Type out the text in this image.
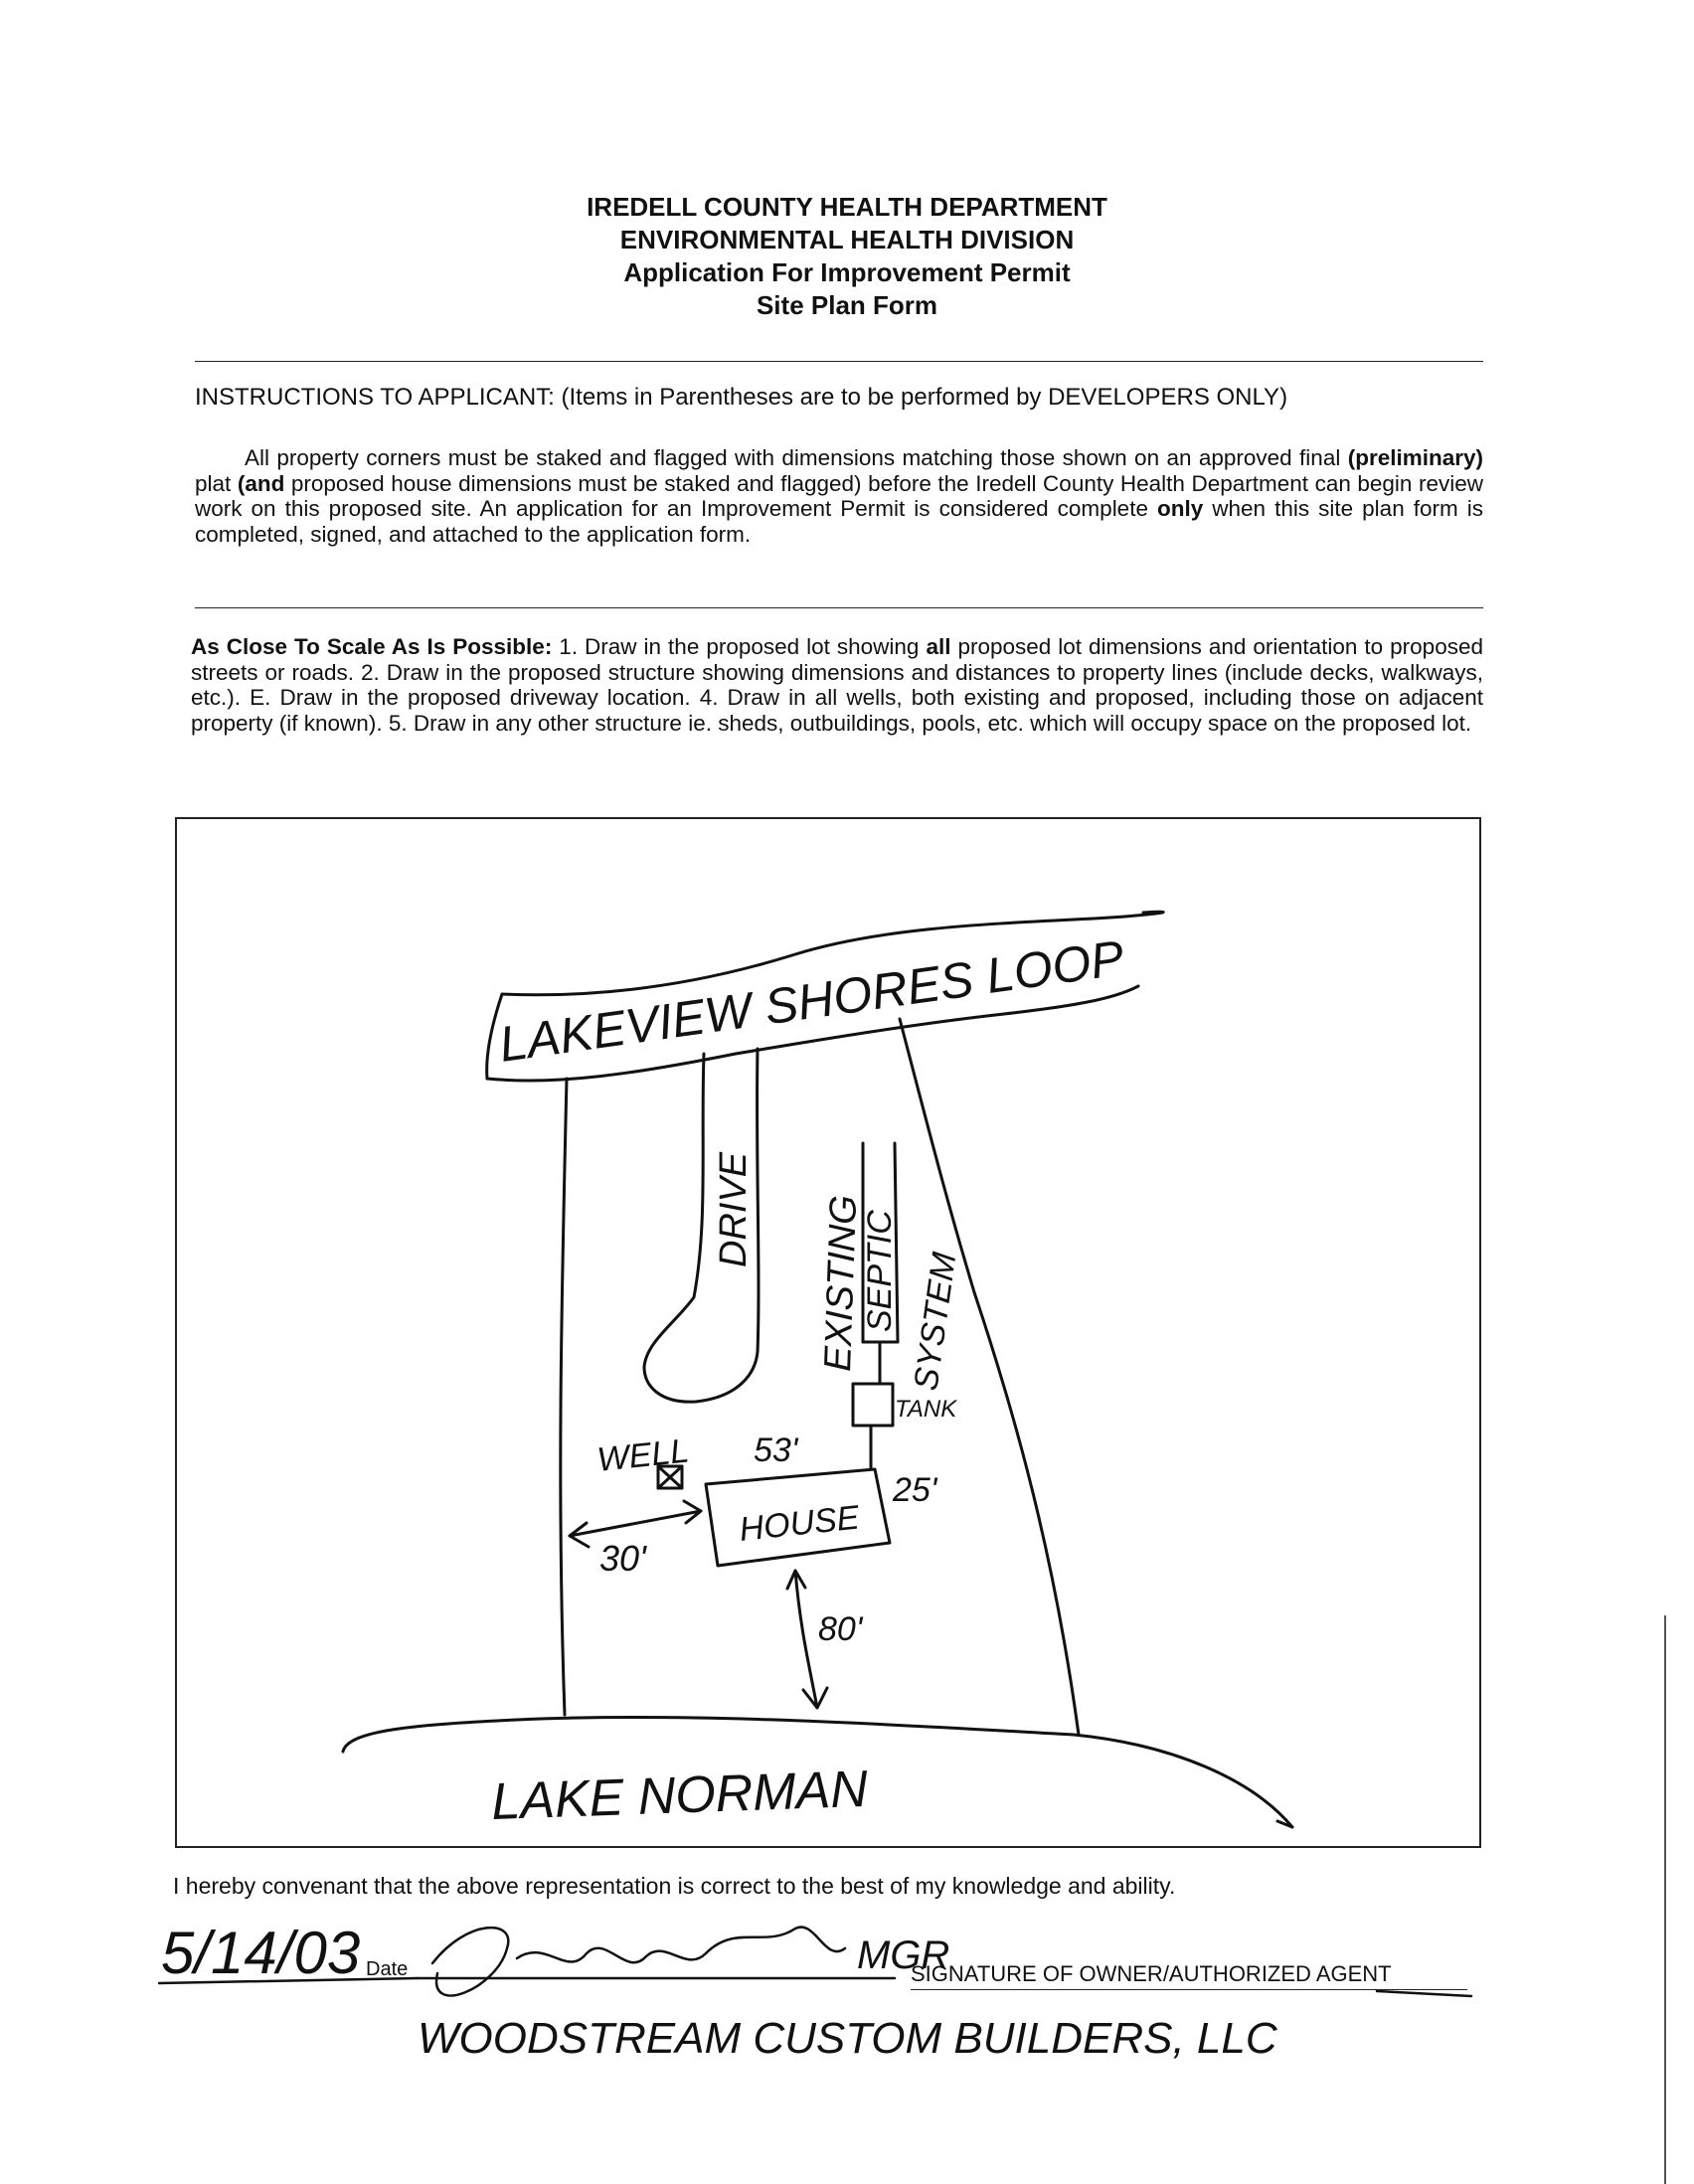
IREDELL COUNTY HEALTH DEPARTMENT
ENVIRONMENTAL HEALTH DIVISION
Application For Improvement Permit
Site Plan Form
INSTRUCTIONS TO APPLICANT: (Items in Parentheses are to be performed by DEVELOPERS ONLY)
All property corners must be staked and flagged with dimensions matching those shown on an approved final (preliminary) plat (and proposed house dimensions must be staked and flagged) before the Iredell County Health Department can begin review work on this proposed site. An application for an Improvement Permit is considered complete only when this site plan form is completed, signed, and attached to the application form.
As Close To Scale As Is Possible: 1. Draw in the proposed lot showing all proposed lot dimensions and orientation to proposed streets or roads. 2. Draw in the proposed structure showing dimensions and distances to property lines (include decks, walkways, etc.). E. Draw in the proposed driveway location. 4. Draw in all wells, both existing and proposed, including those on adjacent property (if known). 5. Draw in any other structure ie. sheds, outbuildings, pools, etc. which will occupy space on the proposed lot.
LAKEVIEW SHORES LOOP
DRIVE EXISTING
SEPTIC SYSTEM
TANK
WELL
HOUSE
53'
25'
30'
80'
LAKE NORMAN
5/14/03	MGR
WOODSTREAM CUSTOM BUILDERS, LLC
I hereby convenant that the above representation is correct to the best of my knowledge and ability.
Date	SIGNATURE OF OWNER/AUTHORIZED AGENT
